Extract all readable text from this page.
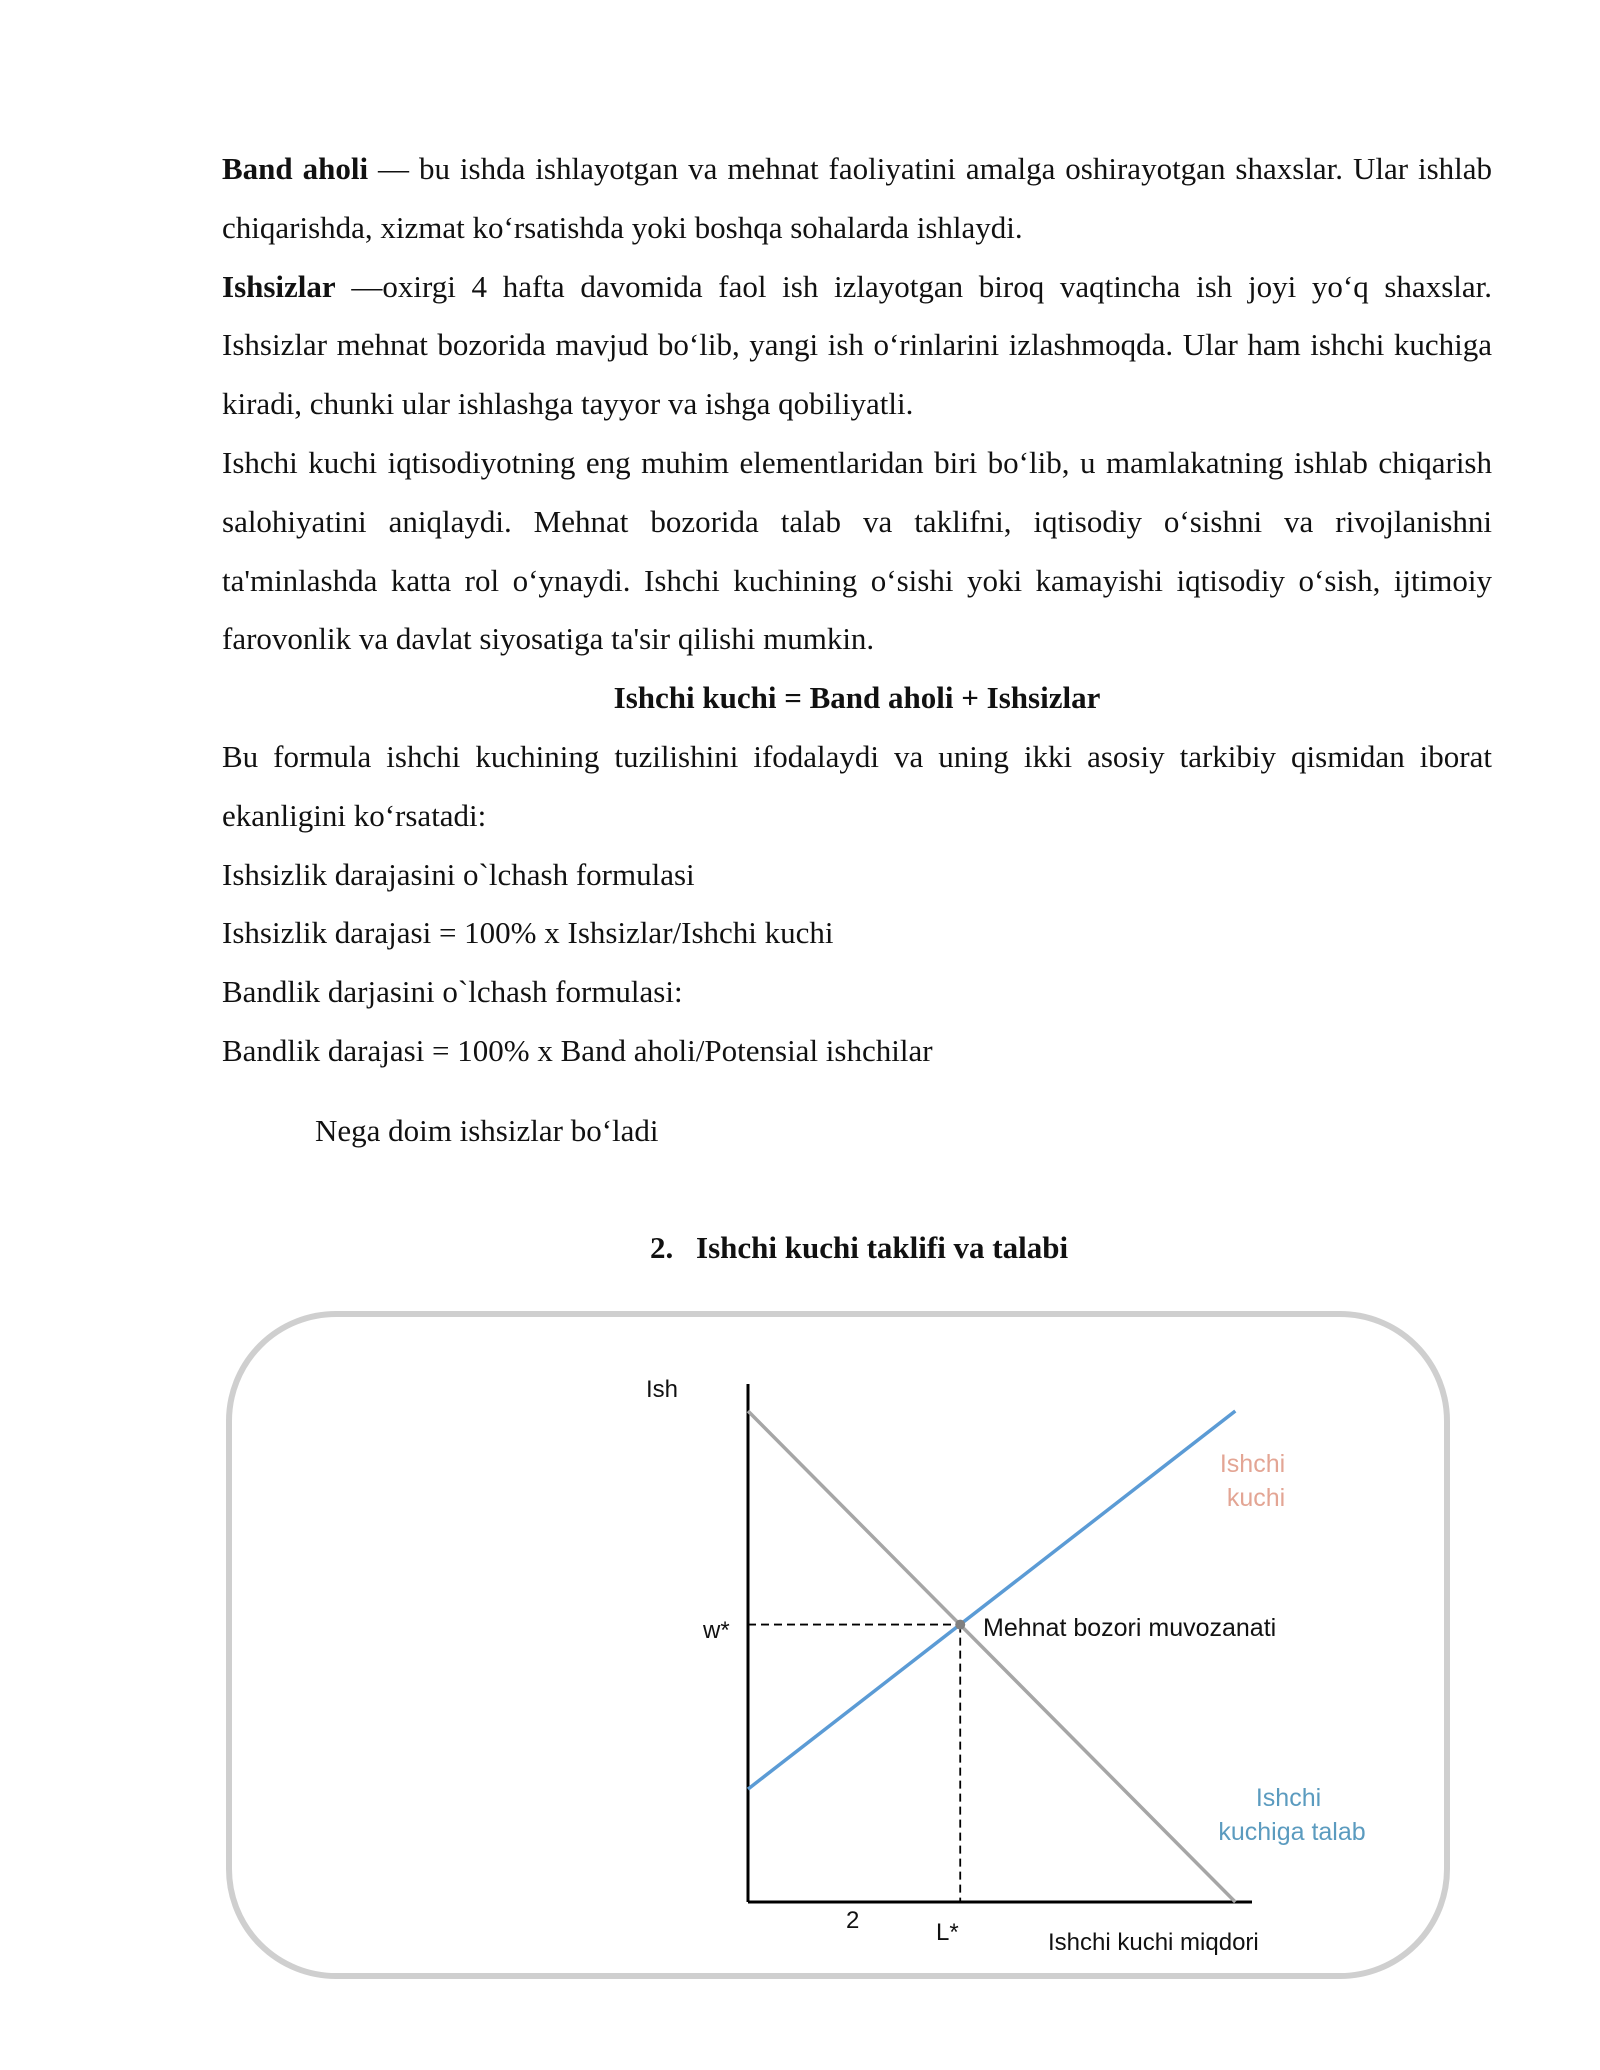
Band aholi — bu ishda ishlayotgan va mehnat faoliyatini amalga oshirayotgan shaxslar. Ular ishlab chiqarishda, xizmat ko‘rsatishda yoki boshqa sohalarda ishlaydi.

Ishsizlar —oxirgi 4 hafta davomida faol ish izlayotgan biroq vaqtincha ish joyi yo‘q shaxslar. Ishsizlar mehnat bozorida mavjud bo‘lib, yangi ish o‘rinlarini izlashmoqda. Ular ham ishchi kuchiga kiradi, chunki ular ishlashga tayyor va ishga qobiliyatli.

Ishchi kuchi iqtisodiyotning eng muhim elementlaridan biri bo‘lib, u mamlakatning ishlab chiqarish salohiyatini aniqlaydi. Mehnat bozorida talab va taklifni, iqtisodiy o‘sishni va rivojlanishni ta'minlashda katta rol o‘ynaydi. Ishchi kuchining o‘sishi yoki kamayishi iqtisodiy o‘sish, ijtimoiy farovonlik va davlat siyosatiga ta'sir qilishi mumkin.

Ishchi kuchi = Band aholi + Ishsizlar

Bu formula ishchi kuchining tuzilishini ifodalaydi va uning ikki asosiy tarkibiy qismidan iborat ekanligini ko‘rsatadi:

Ishsizlik darajasini o`lchash formulasi

Ishsizlik darajasi = 100% x Ishsizlar/Ishchi kuchi

Bandlik darjasini o`lchash formulasi:

Bandlik darajasi = 100% x Band aholi/Potensial ishchilar

Nega doim ishsizlar bo‘ladi
2. Ishchi kuchi taklifi va talabi
Ish
Ishchi kuchi miqdori
w*
L*
2
Mehnat bozori muvozanati
Ishchi kuchi
Ishchi kuchiga talab
